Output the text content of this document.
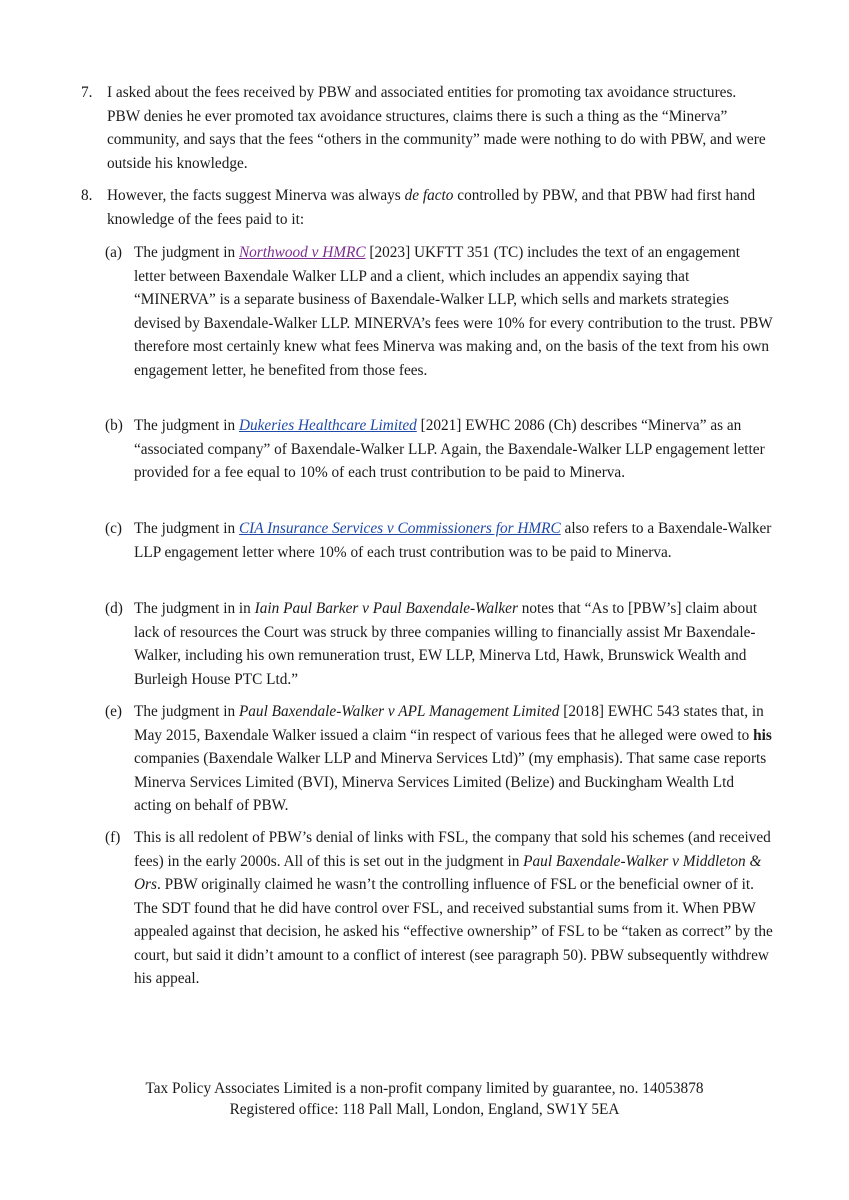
7. I asked about the fees received by PBW and associated entities for promoting tax avoidance structures. PBW denies he ever promoted tax avoidance structures, claims there is such a thing as the “Minerva” community, and says that the fees “others in the community” made were nothing to do with PBW, and were outside his knowledge.
8. However, the facts suggest Minerva was always de facto controlled by PBW, and that PBW had first hand knowledge of the fees paid to it:
(a) The judgment in Northwood v HMRC [2023] UKFTT 351 (TC) includes the text of an engagement letter between Baxendale Walker LLP and a client, which includes an appendix saying that “MINERVA” is a separate business of Baxendale-Walker LLP, which sells and markets strategies devised by Baxendale-Walker LLP. MINERVA’s fees were 10% for every contribution to the trust. PBW therefore most certainly knew what fees Minerva was making and, on the basis of the text from his own engagement letter, he benefited from those fees.
(b) The judgment in Dukeries Healthcare Limited [2021] EWHC 2086 (Ch) describes “Minerva” as an “associated company” of Baxendale-Walker LLP. Again, the Baxendale-Walker LLP engagement letter provided for a fee equal to 10% of each trust contribution to be paid to Minerva.
(c) The judgment in CIA Insurance Services v Commissioners for HMRC also refers to a Baxendale-Walker LLP engagement letter where 10% of each trust contribution was to be paid to Minerva.
(d) The judgment in in Iain Paul Barker v Paul Baxendale-Walker notes that “As to [PBW’s] claim about lack of resources the Court was struck by three companies willing to financially assist Mr Baxendale-Walker, including his own remuneration trust, EW LLP, Minerva Ltd, Hawk, Brunswick Wealth and Burleigh House PTC Ltd.”
(e) The judgment in Paul Baxendale-Walker v APL Management Limited [2018] EWHC 543 states that, in May 2015, Baxendale Walker issued a claim “in respect of various fees that he alleged were owed to his companies (Baxendale Walker LLP and Minerva Services Ltd)” (my emphasis). That same case reports Minerva Services Limited (BVI), Minerva Services Limited (Belize) and Buckingham Wealth Ltd acting on behalf of PBW.
(f) This is all redolent of PBW’s denial of links with FSL, the company that sold his schemes (and received fees) in the early 2000s. All of this is set out in the judgment in Paul Baxendale-Walker v Middleton & Ors. PBW originally claimed he wasn’t the controlling influence of FSL or the beneficial owner of it. The SDT found that he did have control over FSL, and received substantial sums from it. When PBW appealed against that decision, he asked his “effective ownership” of FSL to be “taken as correct” by the court, but said it didn’t amount to a conflict of interest (see paragraph 50). PBW subsequently withdrew his appeal.
Tax Policy Associates Limited is a non-profit company limited by guarantee, no. 14053878
Registered office: 118 Pall Mall, London, England, SW1Y 5EA
